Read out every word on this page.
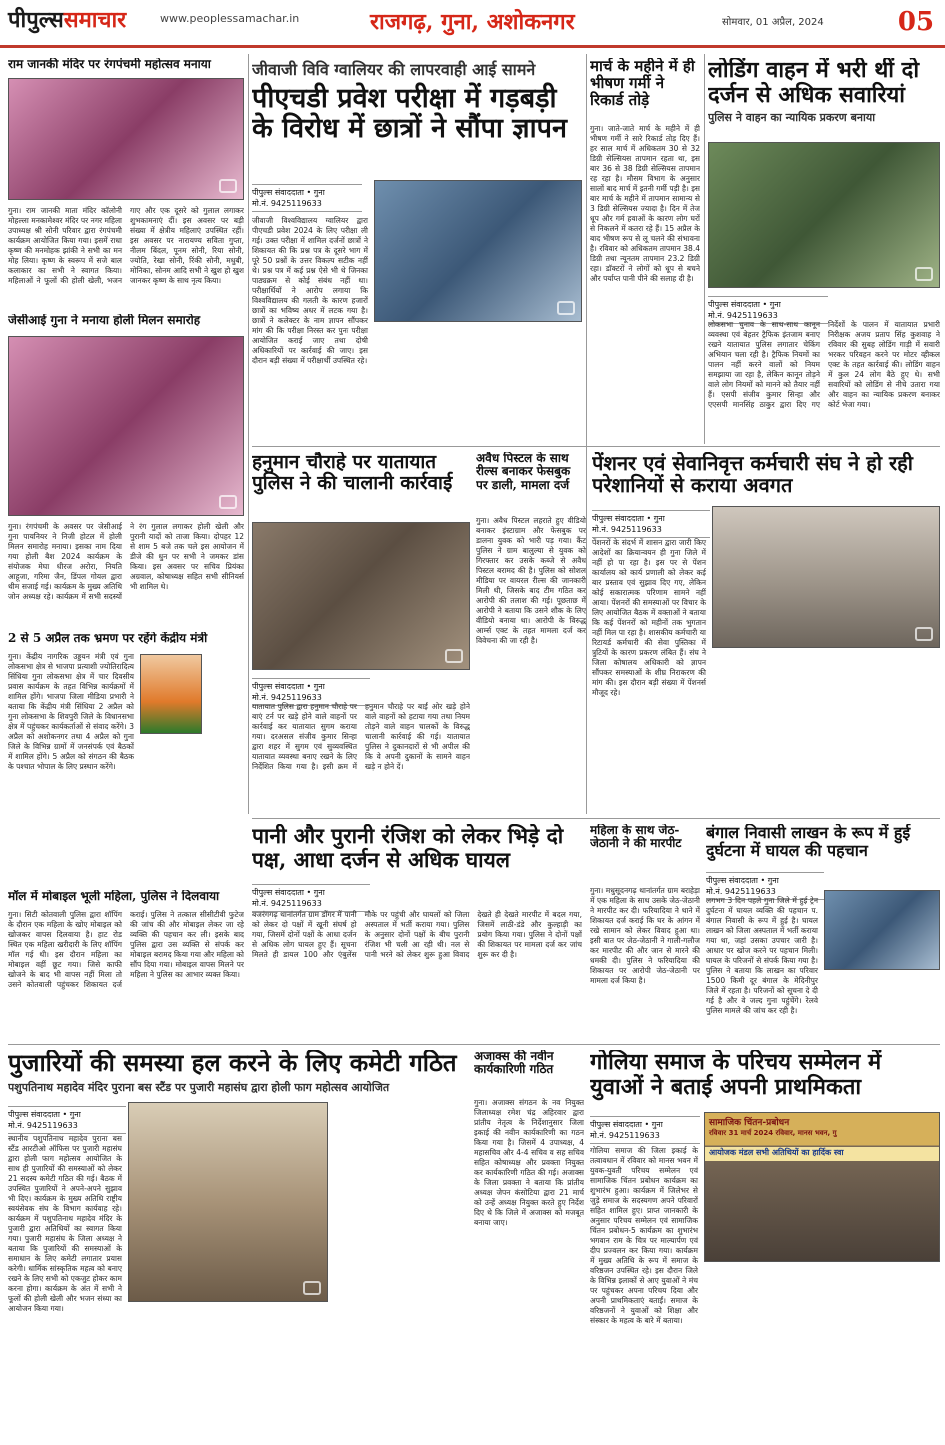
पीपुल्ससमाचार	www.peoplessamachar.in	राजगढ़, गुना, अशोकनगर	सोमवार, 01 अप्रैल, 2024	05
राम जानकी मंदिर पर रंगपंचमी महोत्सव मनाया
गुना। राम जानकी माता मंदिर कॉलोनी मोहल्ला मनकामेश्वर मंदिर पर नगर महिला उपाध्यक्ष श्री सोनी परिवार द्वारा रंगपंचमी कार्यक्रम आयोजित किया गया। इसमें राधा कृष्ण की मनमोहक झांकी ने सभी का मन मोह लिया। कृष्ण के स्वरूप में सजे बाल कलाकार का सभी ने स्वागत किया। महिलाओं ने फूलों की होली खेली, भजन गाए और एक दूसरे को गुलाल लगाकर शुभकामनाएं दीं। इस अवसर पर बड़ी संख्या में क्षेत्रीय महिलाएं उपस्थित रहीं। इस अवसर पर नारायण्य सविता गुप्ता, नीलम बिंदल, पूनम सोनी, रिया सोनी, ज्योति, रेखा सोनी, रिंकी सोनी, मधुबी, मोनिका, सोनम आदि सभी ने खुश हो खुश जानकर कृष्ण के साथ नृत्य किया।
जेसीआई गुना ने मनाया होली मिलन समारोह
गुना। रंगपंचमी के अवसर पर जेसीआई गुना पायनियर ने निजी होटल में होली मिलन समारोह मनाया। इसका नाम दिया गया होली बैश 2024 कार्यक्रम के संयोजक मेघा धीरज अरोरा, नियति आहूजा, गरिमा जैन, डिंपल गोयल द्वारा थीम सजाई गई। कार्यक्रम के मुख्य अतिथि जोन अध्यक्ष रहे। कार्यक्रम में सभी सदस्यों ने रंग गुलाल लगाकर होली खेली और पुरानी यादों को ताजा किया। दोपहर 12 से शाम 5 बजे तक चले इस आयोजन में डीजे की धुन पर सभी ने जमकर डांस किया। इस अवसर पर सचिव प्रियंका अग्रवाल, कोषाध्यक्ष सहित सभी सीनियर्स भी शामिल थे।
2 से 5 अप्रैल तक भ्रमण पर रहेंगे केंद्रीय मंत्री
गुना। केंद्रीय नागरिक उड्डयन मंत्री एवं गुना लोकसभा क्षेत्र से भाजपा प्रत्याशी ज्योतिरादित्य सिंधिया गुना लोकसभा क्षेत्र में चार दिवसीय प्रवास कार्यक्रम के तहत विभिन्न कार्यक्रमों में शामिल होंगे। भाजपा जिला मीडिया प्रभारी ने बताया कि केंद्रीय मंत्री सिंधिया 2 अप्रैल को गुना लोकसभा के शिवपुरी जिले के विधानसभा क्षेत्र में पहुंचकर कार्यकर्ताओं से संवाद करेंगे। 3 अप्रैल को अशोकनगर तथा 4 अप्रैल को गुना जिले के विभिन्न ग्रामों में जनसंपर्क एवं बैठकों में शामिल होंगे। 5 अप्रैल को संगठन की बैठक के पश्चात भोपाल के लिए प्रस्थान करेंगे।
मॉल में मोबाइल भूली महिला, पुलिस ने दिलवाया
गुना। सिटी कोतवाली पुलिस द्वारा शॉपिंग के दौरान एक महिला के खोए मोबाइल को खोजकर वापस दिलवाया है। हाट रोड स्थित एक महिला खरीदारी के लिए शॉपिंग मॉल गई थी। इस दौरान महिला का मोबाइल वहीं छूट गया। जिसे काफी खोजने के बाद भी वापस नहीं मिला तो उसने कोतवाली पहुंचकर शिकायत दर्ज कराई। पुलिस ने तत्काल सीसीटीवी फुटेज की जांच की और मोबाइल लेकर जा रहे व्यक्ति की पहचान कर ली। इसके बाद पुलिस द्वारा उस व्यक्ति से संपर्क कर मोबाइल बरामद किया गया और महिला को सौंप दिया गया। मोबाइल वापस मिलने पर महिला ने पुलिस का आभार व्यक्त किया।
जीवाजी विवि ग्वालियर की लापरवाही आई सामने
पीएचडी प्रवेश परीक्षा में गड़बड़ी के विरोध में छात्रों ने सौंपा ज्ञापन
पीपुल्स संवाददाता • गुना
मो.नं. 9425119633
जीवाजी विश्वविद्यालय ग्वालियर द्वारा पीएचडी प्रवेश 2024 के लिए परीक्षा ली गई। उक्त परीक्षा में शामिल दर्जनों छात्रों ने शिकायत की कि प्रश्न पत्र के दूसरे भाग में पूरे 50 प्रश्नों के उत्तर विकल्प सटीक नहीं थे। प्रश्न पत्र में कई प्रश्न ऐसे भी थे जिनका पाठ्यक्रम से कोई संबंध नहीं था। परीक्षार्थियों ने आरोप लगाया कि विश्वविद्यालय की गलती के कारण हजारों छात्रों का भविष्य अधर में लटक गया है। छात्रों ने कलेक्टर के नाम ज्ञापन सौंपकर मांग की कि परीक्षा निरस्त कर पुनः परीक्षा आयोजित कराई जाए तथा दोषी अधिकारियों पर कार्रवाई की जाए। इस दौरान बड़ी संख्या में परीक्षार्थी उपस्थित रहे।
मार्च के महीने में ही भीषण गर्मी ने रिकार्ड तोड़े
गुना। जाते-जाते मार्च के महीने में ही भीषण गर्मी ने सारे रिकार्ड तोड़ दिए हैं। हर साल मार्च में अधिकतम 30 से 32 डिग्री सेल्सियस तापमान रहता था, इस बार 36 से 38 डिग्री सेल्सियस तापमान रह रहा है। मौसम विभाग के अनुसार सालों बाद मार्च में इतनी गर्मी पड़ी है। इस बार मार्च के महीने में तापमान सामान्य से 3 डिग्री सेल्सियस ज्यादा है। दिन में तेज धूप और गर्म हवाओं के कारण लोग घरों से निकलने में कतरा रहे हैं। 15 अप्रैल के बाद भीषण रूप से लू चलने की संभावना है। रविवार को अधिकतम तापमान 38.4 डिग्री तथा न्यूनतम तापमान 23.2 डिग्री रहा। डॉक्टरों ने लोगों को धूप से बचने और पर्याप्त पानी पीने की सलाह दी है।
लोडिंग वाहन में भरी थीं दो दर्जन से अधिक सवारियां
पुलिस ने वाहन का न्यायिक प्रकरण बनाया
पीपुल्स संवाददाता • गुना
मो.नं. 9425119633
लोकसभा चुनाव के साथ-साथ कानून व्यवस्था एवं बेहतर ट्रैफिक इंतजाम बनाए रखने यातायात पुलिस लगातार चेकिंग अभियान चला रही है। ट्रैफिक नियमों का पालन नहीं करने वालों को नियम समझाया जा रहा है, लेकिन कानून तोड़ने वाले लोग नियमों को मानने को तैयार नहीं हैं। एसपी संजीव कुमार सिन्हा और एएसपी मानसिंह ठाकुर द्वारा दिए गए निर्देशों के पालन में यातायात प्रभारी निरीक्षक अजय प्रताप सिंह कुशवाह ने रविवार की सुबह लोडिंग गाड़ी में सवारी भरकर परिवहन करने पर मोटर व्हीकल एक्ट के तहत कार्रवाई की। लोडिंग वाहन में कुल 24 लोग बैठे हुए थे। सभी सवारियों को लोडिंग से नीचे उतारा गया और वाहन का न्यायिक प्रकरण बनाकर कोर्ट भेजा गया।
हनुमान चौराहे पर यातायात पुलिस ने की चालानी कार्रवाई
पीपुल्स संवाददाता • गुना
मो.नं. 9425119633
यातायात पुलिस द्वारा हनुमान चौराहे पर बाएं टर्न पर खड़े होने वाले वाहनों पर कार्रवाई कर यातायात सुगम कराया गया। दरअसल संजीव कुमार सिन्हा द्वारा शहर में सुगम एवं सुव्यवस्थित यातायात व्यवस्था बनाए रखने के लिए निर्देशित किया गया है। इसी क्रम में हनुमान चौराहे पर बाईं ओर खड़े होने वाले वाहनों को हटाया गया तथा नियम तोड़ने वाले वाहन चालकों के विरुद्ध चालानी कार्रवाई की गई। यातायात पुलिस ने दुकानदारों से भी अपील की कि वे अपनी दुकानों के सामने वाहन खड़े न होने दें।
अवैध पिस्टल के साथ रील्स बनाकर फेसबुक पर डाली, मामला दर्ज
गुना। अवैध पिस्टल लहराते हुए वीडियो बनाकर इंस्टाग्राम और फेसबुक पर डालना युवक को भारी पड़ गया। कैंट पुलिस ने ग्राम बालुल्या से युवक को गिरफ्तार कर उसके कब्जे से अवैध पिस्टल बरामद की है। पुलिस को सोशल मीडिया पर वायरल रील्स की जानकारी मिली थी, जिसके बाद टीम गठित कर आरोपी की तलाश की गई। पूछताछ में आरोपी ने बताया कि उसने शौक के लिए वीडियो बनाया था। आरोपी के विरुद्ध आर्म्स एक्ट के तहत मामला दर्ज कर विवेचना की जा रही है।
पेंशनर एवं सेवानिवृत्त कर्मचारी संघ ने हो रही परेशानियों से कराया अवगत
पीपुल्स संवाददाता • गुना
मो.नं. 9425119633
पेंशनरों के संदर्भ में शासन द्वारा जारी किए आदेशों का क्रियान्वयन ही गुना जिले में नहीं हो पा रहा है। इस पर से पेंशन कार्यालय को कार्य प्रणाली को लेकर कई बार प्रस्ताव एवं सुझाव दिए गए, लेकिन कोई सकारात्मक परिणाम सामने नहीं आया। पेंशनरों की समस्याओं पर विचार के लिए आयोजित बैठक में वक्ताओं ने बताया कि कई पेंशनरों को महीनों तक भुगतान नहीं मिल पा रहा है। शासकीय कर्मचारी या रिटायर्ड कर्मचारी की सेवा पुस्तिका में त्रुटियों के कारण प्रकरण लंबित हैं। संघ ने जिला कोषालय अधिकारी को ज्ञापन सौंपकर समस्याओं के शीघ्र निराकरण की मांग की। इस दौरान बड़ी संख्या में पेंशनर्स मौजूद रहे।
पानी और पुरानी रंजिश को लेकर भिड़े दो पक्ष, आधा दर्जन से अधिक घायल
पीपुल्स संवाददाता • गुना
मो.नं. 9425119633
बजरंगगढ़ थानांतर्गत ग्राम डोंगर में पानी को लेकर दो पक्षों में खूनी संघर्ष हो गया, जिसमें दोनों पक्षों के आधा दर्जन से अधिक लोग घायल हुए हैं। सूचना मिलते ही डायल 100 और एंबुलेंस मौके पर पहुंची और घायलों को जिला अस्पताल में भर्ती कराया गया। पुलिस के अनुसार दोनों पक्षों के बीच पुरानी रंजिश भी चली आ रही थी। नल से पानी भरने को लेकर शुरू हुआ विवाद देखते ही देखते मारपीट में बदल गया, जिसमें लाठी-डंडे और कुल्हाड़ी का प्रयोग किया गया। पुलिस ने दोनों पक्षों की शिकायत पर मामला दर्ज कर जांच शुरू कर दी है।
महिला के साथ जेठ-जेठानी ने की मारपीट
गुना। मधुसूदनगढ़ थानांतर्गत ग्राम बराहेड़ा में एक महिला के साथ उसके जेठ-जेठानी ने मारपीट कर दी। फरियादिया ने थाने में शिकायत दर्ज कराई कि घर के आंगन में रखे सामान को लेकर विवाद हुआ था। इसी बात पर जेठ-जेठानी ने गाली-गलौज कर मारपीट की और जान से मारने की धमकी दी। पुलिस ने फरियादिया की शिकायत पर आरोपी जेठ-जेठानी पर मामला दर्ज किया है।
बंगाल निवासी लाखन के रूप में हुई दुर्घटना में घायल की पहचान
पीपुल्स संवाददाता • गुना
मो.नं. 9425119633
लगभग 3 दिन पहले गुना जिले में हुई ट्रेन दुर्घटना में घायल व्यक्ति की पहचान प. बंगाल निवासी के रूप में हुई है। घायल लाखन को जिला अस्पताल में भर्ती कराया गया था, जहां उसका उपचार जारी है। आधार पर खोज करने पर पहचान मिली। घायल के परिजनों से संपर्क किया गया है। पुलिस ने बताया कि लाखन का परिवार 1500 किमी दूर बंगाल के मेदिनीपुर जिले में रहता है। परिजनों को सूचना दे दी गई है और वे जल्द गुना पहुंचेंगे। रेलवे पुलिस मामले की जांच कर रही है।
पुजारियों की समस्या हल करने के लिए कमेटी गठित
पशुपतिनाथ महादेव मंदिर पुराना बस स्टैंड पर पुजारी महासंघ द्वारा होली फाग महोत्सव आयोजित
पीपुल्स संवाददाता • गुना
मो.नं. 9425119633
स्थानीय पशुपतिनाथ महादेव पुराना बस स्टैंड आरटीओ ऑफिस पर पुजारी महासंघ द्वारा होली फाग महोत्सव आयोजित के साथ ही पुजारियों की समस्याओं को लेकर 21 सदस्य कमेटी गठित की गई। बैठक में उपस्थित पुजारियों ने अपने-अपने सुझाव भी दिए। कार्यक्रम के मुख्य अतिथि राष्ट्रीय स्वयंसेवक संघ के विभाग कार्यवाह रहे। कार्यक्रम में पशुपतिनाथ महादेव मंदिर के पुजारी द्वारा अतिथियों का स्वागत किया गया। पुजारी महासंघ के जिला अध्यक्ष ने बताया कि पुजारियों की समस्याओं के समाधान के लिए कमेटी लगातार प्रयास करेगी। धार्मिक सांस्कृतिक महत्व को बनाए रखने के लिए सभी को एकजुट होकर काम करना होगा। कार्यक्रम के अंत में सभी ने फूलों की होली खेली और भजन संध्या का आयोजन किया गया।
अजाक्स की नवीन कार्यकारिणी गठित
गुना। अजाक्स संगठन के नव नियुक्त जिलाध्यक्ष रमेश चंद्र अहिरवार द्वारा प्रांतीय नेतृत्व के निर्देशानुसार जिला इकाई की नवीन कार्यकारिणी का गठन किया गया है। जिसमें 4 उपाध्यक्ष, 4 महासचिव और 4-4 सचिव व सह सचिव सहित कोषाध्यक्ष और प्रवक्ता नियुक्त कर कार्यकारिणी गठित की गई। अजाक्स के जिला प्रवक्ता ने बताया कि प्रांतीय अध्यक्ष जेपन कंसोटिया द्वारा 21 मार्च को उन्हें अध्यक्ष नियुक्त करते हुए निर्देश दिए थे कि जिले में अजाक्स को मजबूत बनाया जाए।
गोलिया समाज के परिचय सम्मेलन में युवाओं ने बताई अपनी प्राथमिकता
पीपुल्स संवाददाता • गुना
मो.नं. 9425119633
सामाजिक चिंतन-प्रबोधन
रविवार 31 मार्च 2024 रविवार, मानस भवन, गु
आयोजक मंडल सभी अतिथियों का हार्दिक स्वा
गोलिया समाज की जिला इकाई के तत्वावधान में रविवार को मानस भवन में युवक-युवती परिचय सम्मेलन एवं सामाजिक चिंतन प्रबोधन कार्यक्रम का शुभारंभ हुआ। कार्यक्रम में जिलेभर से जुड़े समाज के सदस्यगण अपने परिवारों सहित शामिल हुए। प्राप्त जानकारी के अनुसार परिचय सम्मेलन एवं सामाजिक चिंतन प्रबोधन-5 कार्यक्रम का शुभारंभ भगवान राम के चित्र पर माल्यार्पण एवं दीप प्रज्वलन कर किया गया। कार्यक्रम में मुख्य अतिथि के रूप में समाज के वरिष्ठजन उपस्थित रहे। इस दौरान जिले के विभिन्न इलाकों से आए युवाओं ने मंच पर पहुंचकर अपना परिचय दिया और अपनी प्राथमिकताएं बताईं। समाज के वरिष्ठजनों ने युवाओं को शिक्षा और संस्कार के महत्व के बारे में बताया।
